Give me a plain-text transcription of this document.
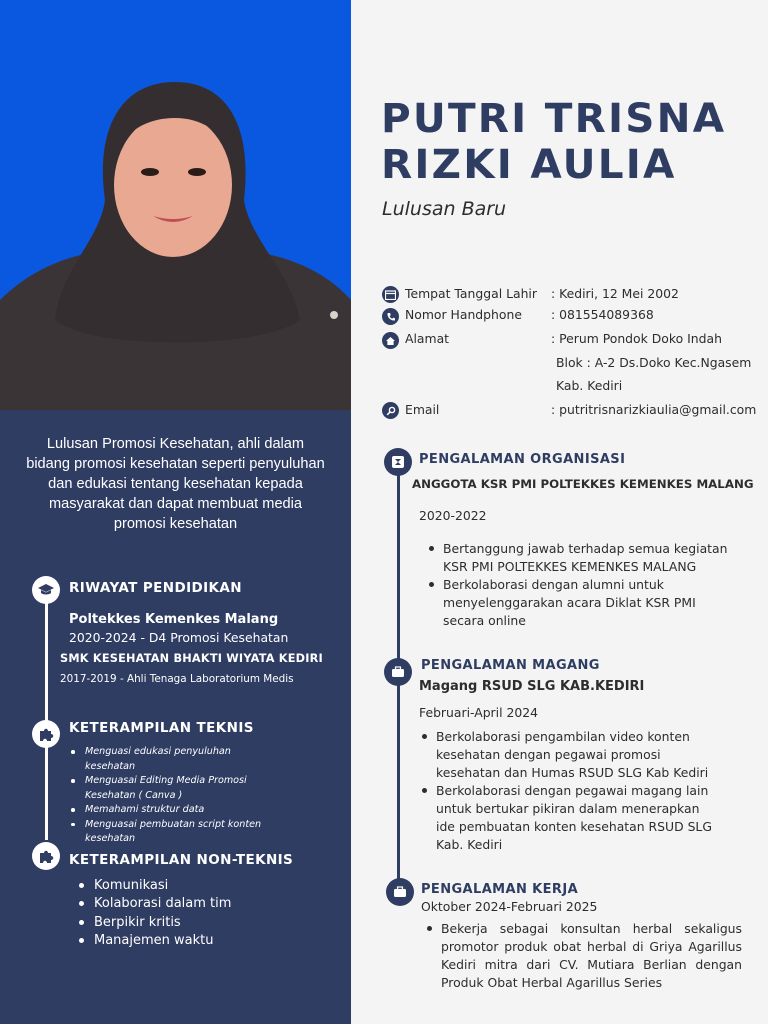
Lulusan Promosi Kesehatan, ahli dalam bidang promosi kesehatan seperti penyuluhan dan edukasi tentang kesehatan kepada masyarakat dan dapat membuat media promosi kesehatan
RIWAYAT PENDIDIKAN
Poltekkes Kemenkes Malang
2020-2024 - D4 Promosi Kesehatan
SMK KESEHATAN BHAKTI WIYATA KEDIRI
2017-2019 - Ahli Tenaga Laboratorium Medis
KETERAMPILAN TEKNIS
Menguasi edukasi penyuluhan kesehatan
Menguasai Editing Media Promosi Kesehatan ( Canva )
Memahami struktur data
Menguasai pembuatan script konten kesehatan
KETERAMPILAN NON-TEKNIS
Komunikasi
Kolaborasi dalam tim
Berpikir kritis
Manajemen waktu
PUTRI TRISNA
RIZKI AULIA
Lulusan Baru
Tempat Tanggal Lahir : Kediri, 12 Mei 2002
Nomor Handphone : 081554089368
Alamat	: Perum Pondok Doko Indah
Blok : A-2 Ds.Doko Kec.Ngasem
Kab. Kediri
Email	: putritrisnarizkiaulia@gmail.com
PENGALAMAN ORGANISASI
ANGGOTA KSR PMI POLTEKKES KEMENKES MALANG
2020-2022
Bertanggung jawab terhadap semua kegiatan KSR PMI POLTEKKES KEMENKES MALANG
Berkolaborasi dengan alumni untuk menyelenggarakan acara Diklat KSR PMI secara online
PENGALAMAN MAGANG
Magang RSUD SLG KAB.KEDIRI
Februari-April 2024
Berkolaborasi pengambilan video konten kesehatan dengan pegawai promosi kesehatan dan Humas RSUD SLG Kab Kediri
Berkolaborasi dengan pegawai magang lain untuk bertukar pikiran dalam menerapkan ide pembuatan konten kesehatan RSUD SLG Kab. Kediri
PENGALAMAN KERJA
Oktober 2024-Februari 2025
Bekerja sebagai konsultan herbal sekaligus promotor produk obat herbal di Griya Agarillus Kediri mitra dari CV. Mutiara Berlian dengan Produk Obat Herbal Agarillus Series
